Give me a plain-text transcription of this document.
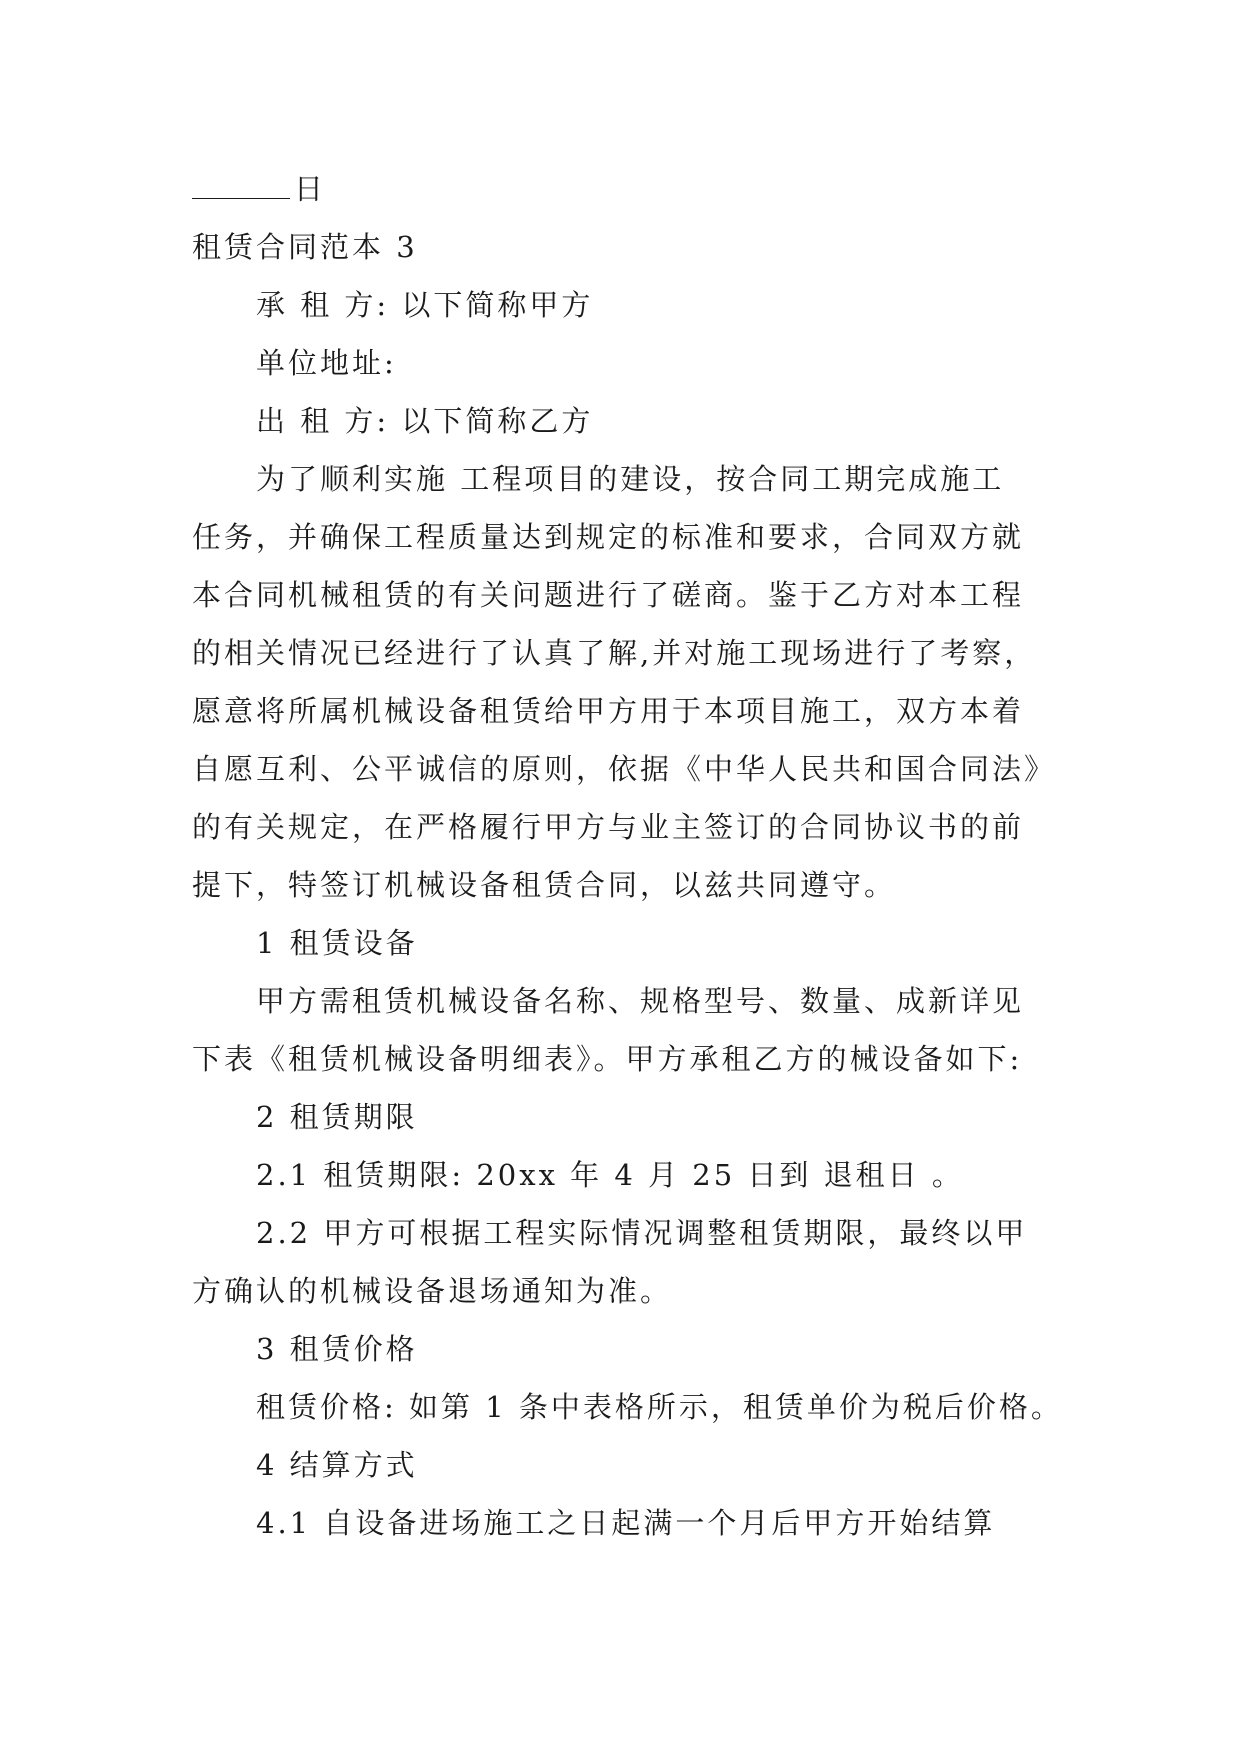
日

租赁合同范本 3

承 租 方: 以下简称甲方

单位地址:

出 租 方: 以下简称乙方

为了顺利实施 工程项目的建设，按合同工期完成施工
任务，并确保工程质量达到规定的标准和要求，合同双方就
本合同机械租赁的有关问题进行了磋商。鉴于乙方对本工程
的相关情况已经进行了认真了解,并对施工现场进行了考察，
愿意将所属机械设备租赁给甲方用于本项目施工，双方本着
自愿互利、公平诚信的原则，依据《中华人民共和国合同法》
的有关规定，在严格履行甲方与业主签订的合同协议书的前
提下，特签订机械设备租赁合同，以兹共同遵守。

1 租赁设备

甲方需租赁机械设备名称、规格型号、数量、成新详见
下表《租赁机械设备明细表》。甲方承租乙方的械设备如下:

2 租赁期限

2.1 租赁期限: 20xx 年 4 月 25 日到 退租日 。

2.2 甲方可根据工程实际情况调整租赁期限，最终以甲
方确认的机械设备退场通知为准。

3 租赁价格

租赁价格: 如第 1 条中表格所示，租赁单价为税后价格。

4 结算方式

4.1 自设备进场施工之日起满一个月后甲方开始结算
